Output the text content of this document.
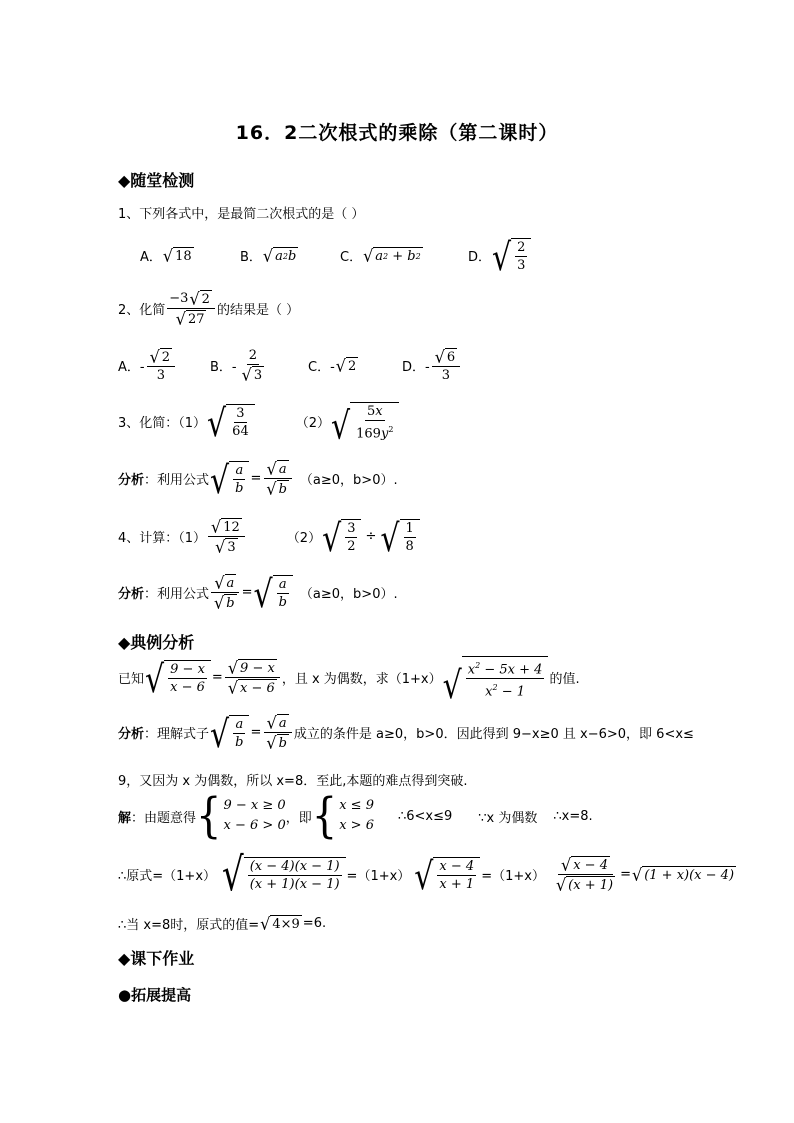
16．2二次根式的乘除（第二课时）
◆随堂检测
1、下列各式中，是最简二次根式的是（ ）
A． √ 18	B． √ a 2 b	C． √ a 2 + b 2	D． √ $\frac{2}{3}$
2、化简 $\frac{-3 √ 2}{√ 27}$ 的结果是（ ）
A．- $\frac{√ 2}{3}$	B．- $\frac{2}{√ 3}$	C．- √ 2	D．- $\frac{√ 6}{3}$
3、化简：（1） √ $\frac{3}{64}$	（2） √ $\frac{5x}{169y^2}$
分析 ：利用公式 √ $\frac{a}{b} = \frac{√ a}{√ b} (a\ge 0$，b>0）.
4、计算：$(1) \frac{√ 12}{√ 3}$	（2） √ $\frac{3}{2}$ ÷ √ $\frac{1}{8}$
分析 ：利用公式 $\frac{√ a}{√ b}$ = √ $\frac{a}{b} (a\ge 0$，b>0）.
◆典例分析
已知 √ $\frac{9 - x}{x - 6} = \frac{√ 9 - x}{√ x - 6}$ ，且 x 为偶数，求（1+x） √ $\frac{x^2 - 5x + 4}{x^2 - 1}$ 的值.
分析 ：理解式子 √ $\frac{a}{b} = \frac{√ a}{√ b}$ 成立的条件是 a≥0，b>0．因此得到 9−x≥0 且 x−6>0，即 6<x≤
9，又因为 x 为偶数，所以 x=8．至此,本题的难点得到突破.
解 ：由题意得 { 9 − x ≥ 0
x − 6 > 0 ，即 { x ≤ 9
x > 6
∴6<x≤9 ∵x 为偶数 ∴x=8.
∴原式=（1+x） √ $\frac{(x - 4)(x - 1)}{(x + 1)(x - 1)} =(1+x)$ √ $\frac{x - 4}{x + 1} =(1+x) \frac{√ x - 4}{√ (x + 1 )}$ = √ ( 1 + x)(x − 4 )
∴当 x=8时，原式的值= √ 4×9 =6.
◆课下作业
●拓展提高
